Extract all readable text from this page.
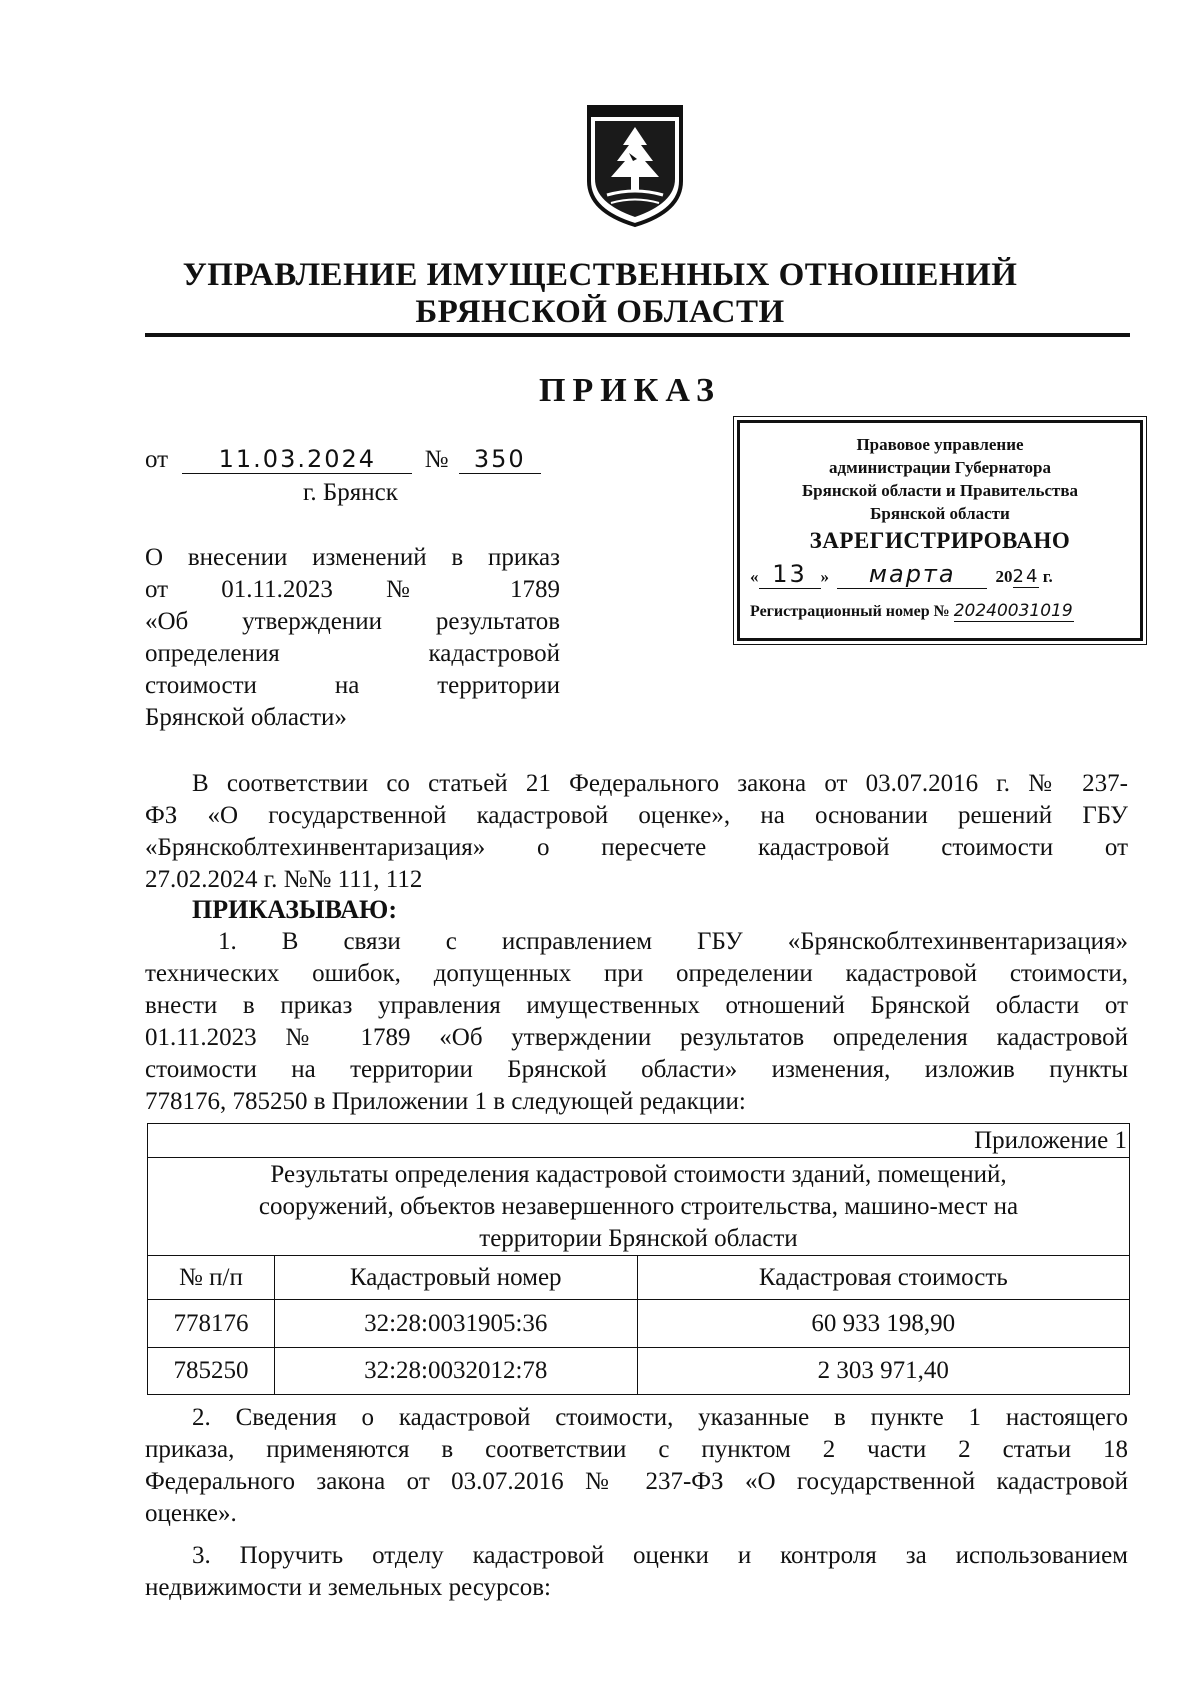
УПРАВЛЕНИЕ ИМУЩЕСТВЕННЫХ ОТНОШЕНИЙ
БРЯНСКОЙ ОБЛАСТИ
ПРИКАЗ
от 11.03.2024 № 350
г. Брянск
Правовое управление
администрации Губернатора
Брянской области и Правительства
Брянской области
ЗАРЕГИСТРИРОВАНО
« 13 » марта 2024 г.
Регистрационный номер № 20240031019
О внесении изменений в приказ
от 01.11.2023 № 1789
«Об утверждении результатов
определения кадастровой
стоимости на территории
Брянской области»
В соответствии со статьей 21 Федерального закона от 03.07.2016 г. № 237-
ФЗ «О государственной кадастровой оценке», на основании решений ГБУ
«Брянскоблтехинвентаризация» о пересчете кадастровой стоимости от
27.02.2024 г. №№ 111, 112
ПРИКАЗЫВАЮ:
1. В связи с исправлением ГБУ «Брянскоблтехинвентаризация»
технических ошибок, допущенных при определении кадастровой стоимости,
внести в приказ управления имущественных отношений Брянской области от
01.11.2023 № 1789 «Об утверждении результатов определения кадастровой
стоимости на территории Брянской области» изменения, изложив пункты
778176, 785250 в Приложении 1 в следующей редакции:
Приложение 1		

Результаты определения кадастровой стоимости зданий, помещений,
сооружений, объектов незавершенного строительства, машино-мест на
территории Брянской области		

№ п/п	Кадастровый номер	Кадастровая стоимость
778176	32:28:0031905:36	60 933 198,90
785250	32:28:0032012:78	2 303 971,40
2. Сведения о кадастровой стоимости, указанные в пункте 1 настоящего
приказа, применяются в соответствии с пунктом 2 части 2 статьи 18
Федерального закона от 03.07.2016 № 237-ФЗ «О государственной кадастровой
оценке».
3. Поручить отделу кадастровой оценки и контроля за использованием
недвижимости и земельных ресурсов:
